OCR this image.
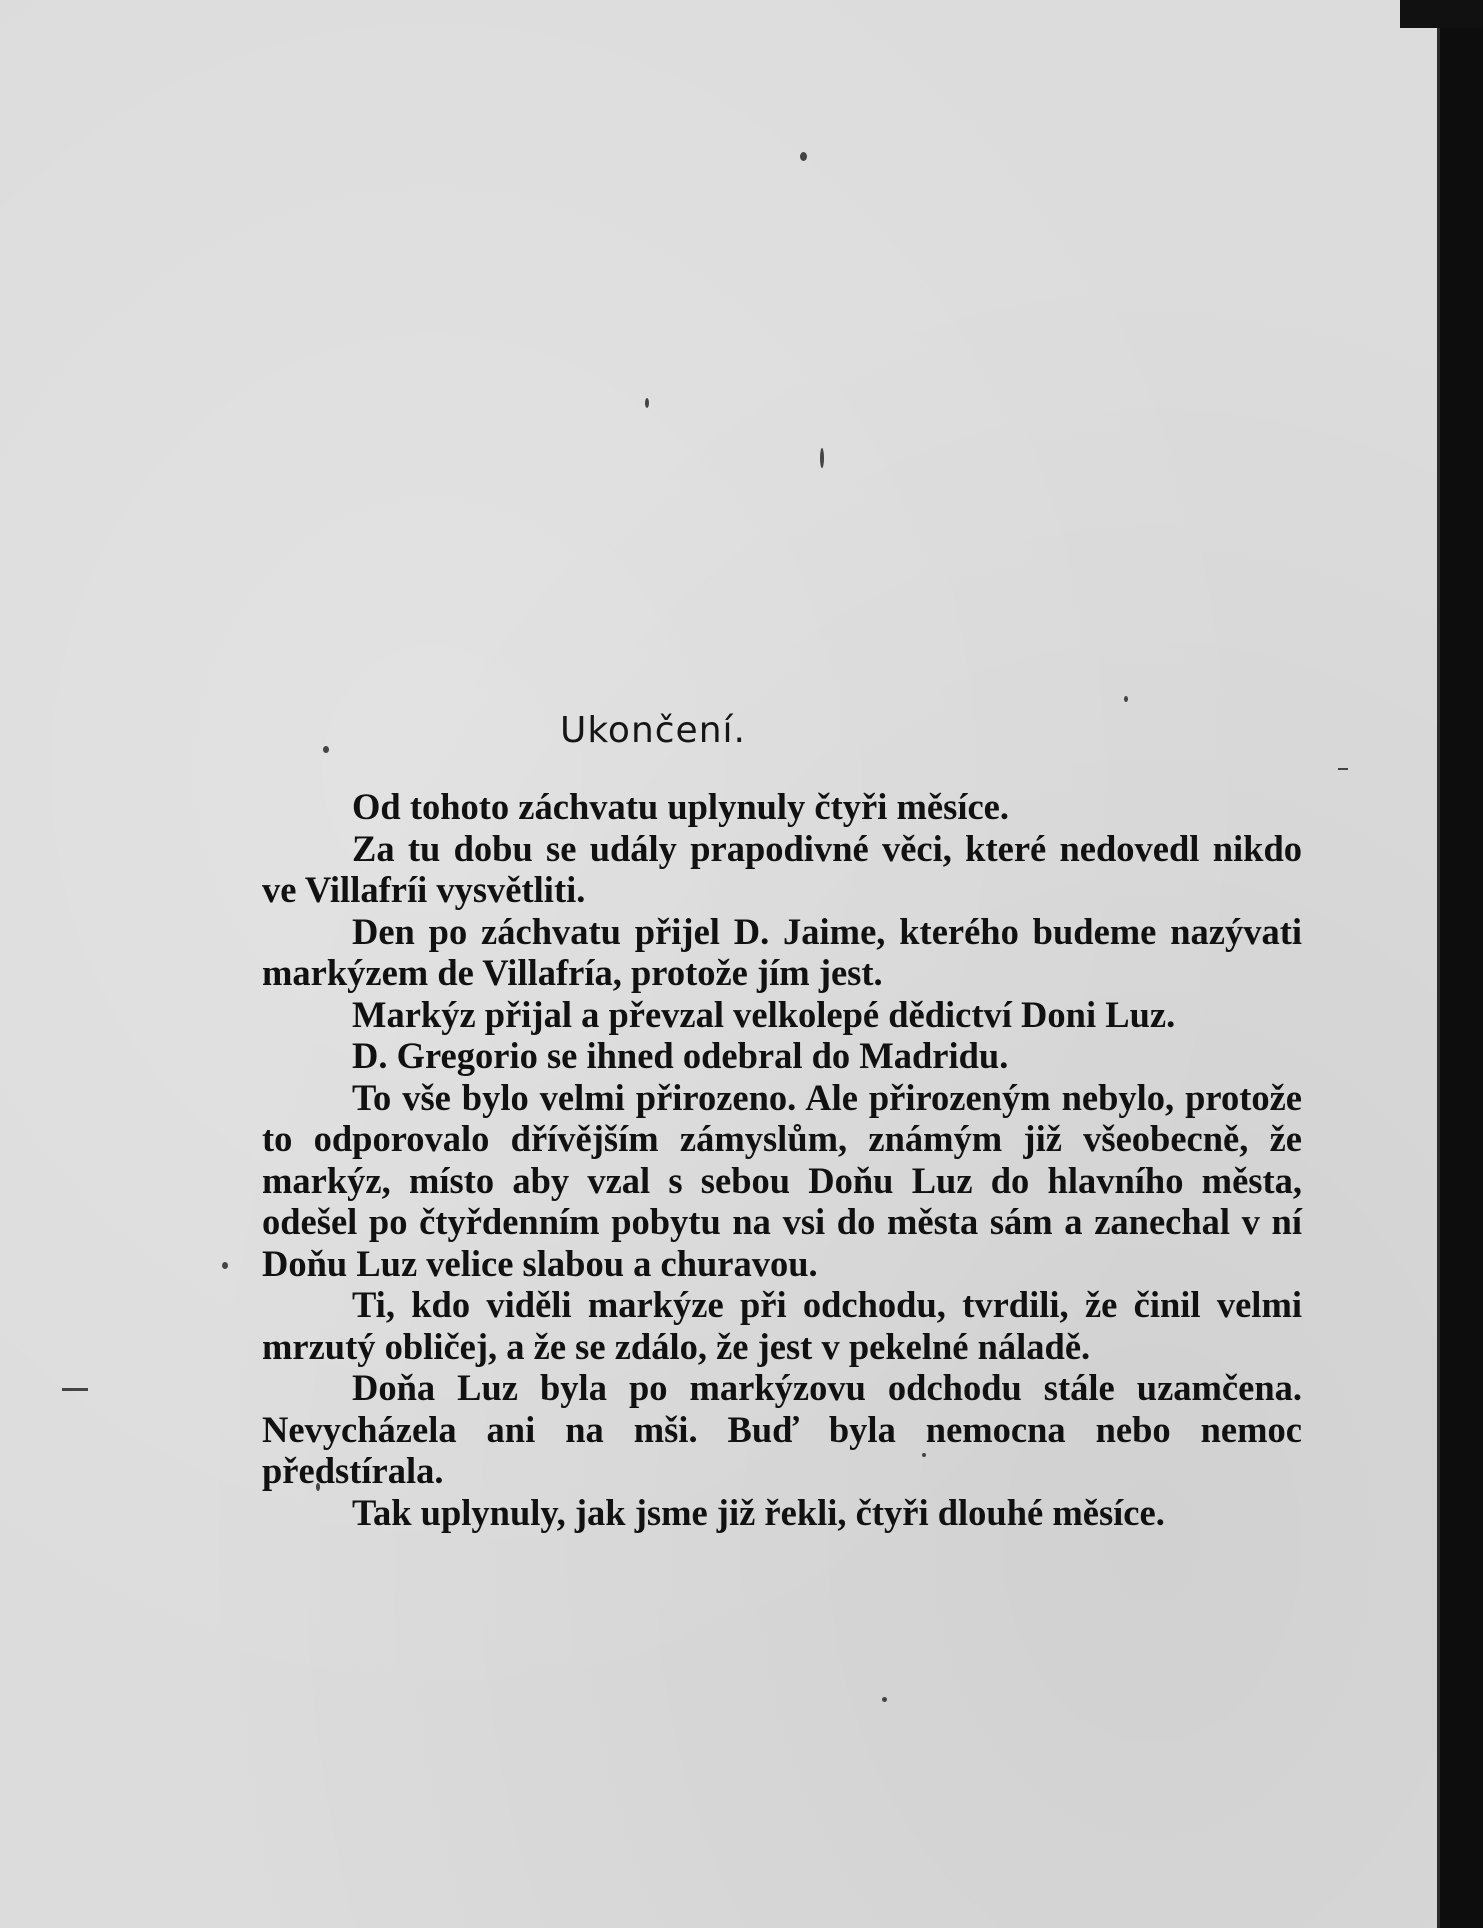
Ukončení.

Od tohoto záchvatu uplynuly čtyři měsíce.

Za tu dobu se udály prapodivné věci, které nedovedl nikdo ve Villafríi vysvětliti.

Den po záchvatu přijel D. Jaime, kterého budeme nazývati markýzem de Villafría, protože jím jest.

Markýz přijal a převzal velkolepé dědictví Doni Luz.

D. Gregorio se ihned odebral do Madridu.

To vše bylo velmi přirozeno. Ale přirozeným nebylo, protože to odporovalo dřívějším zámyslům, známým již všeobecně, že markýz, místo aby vzal s sebou Doňu Luz do hlavního města, odešel po čtyřdenním pobytu na vsi do města sám a zanechal v ní Doňu Luz velice slabou a churavou.

Ti, kdo viděli markýze při odchodu, tvrdili, že činil velmi mrzutý obličej, a že se zdálo, že jest v pekelné náladě.

Doňa Luz byla po markýzovu odchodu stále uzamčena. Nevycházela ani na mši. Buď byla nemocna nebo nemoc předstírala.

Tak uplynuly, jak jsme již řekli, čtyři dlouhé měsíce.
